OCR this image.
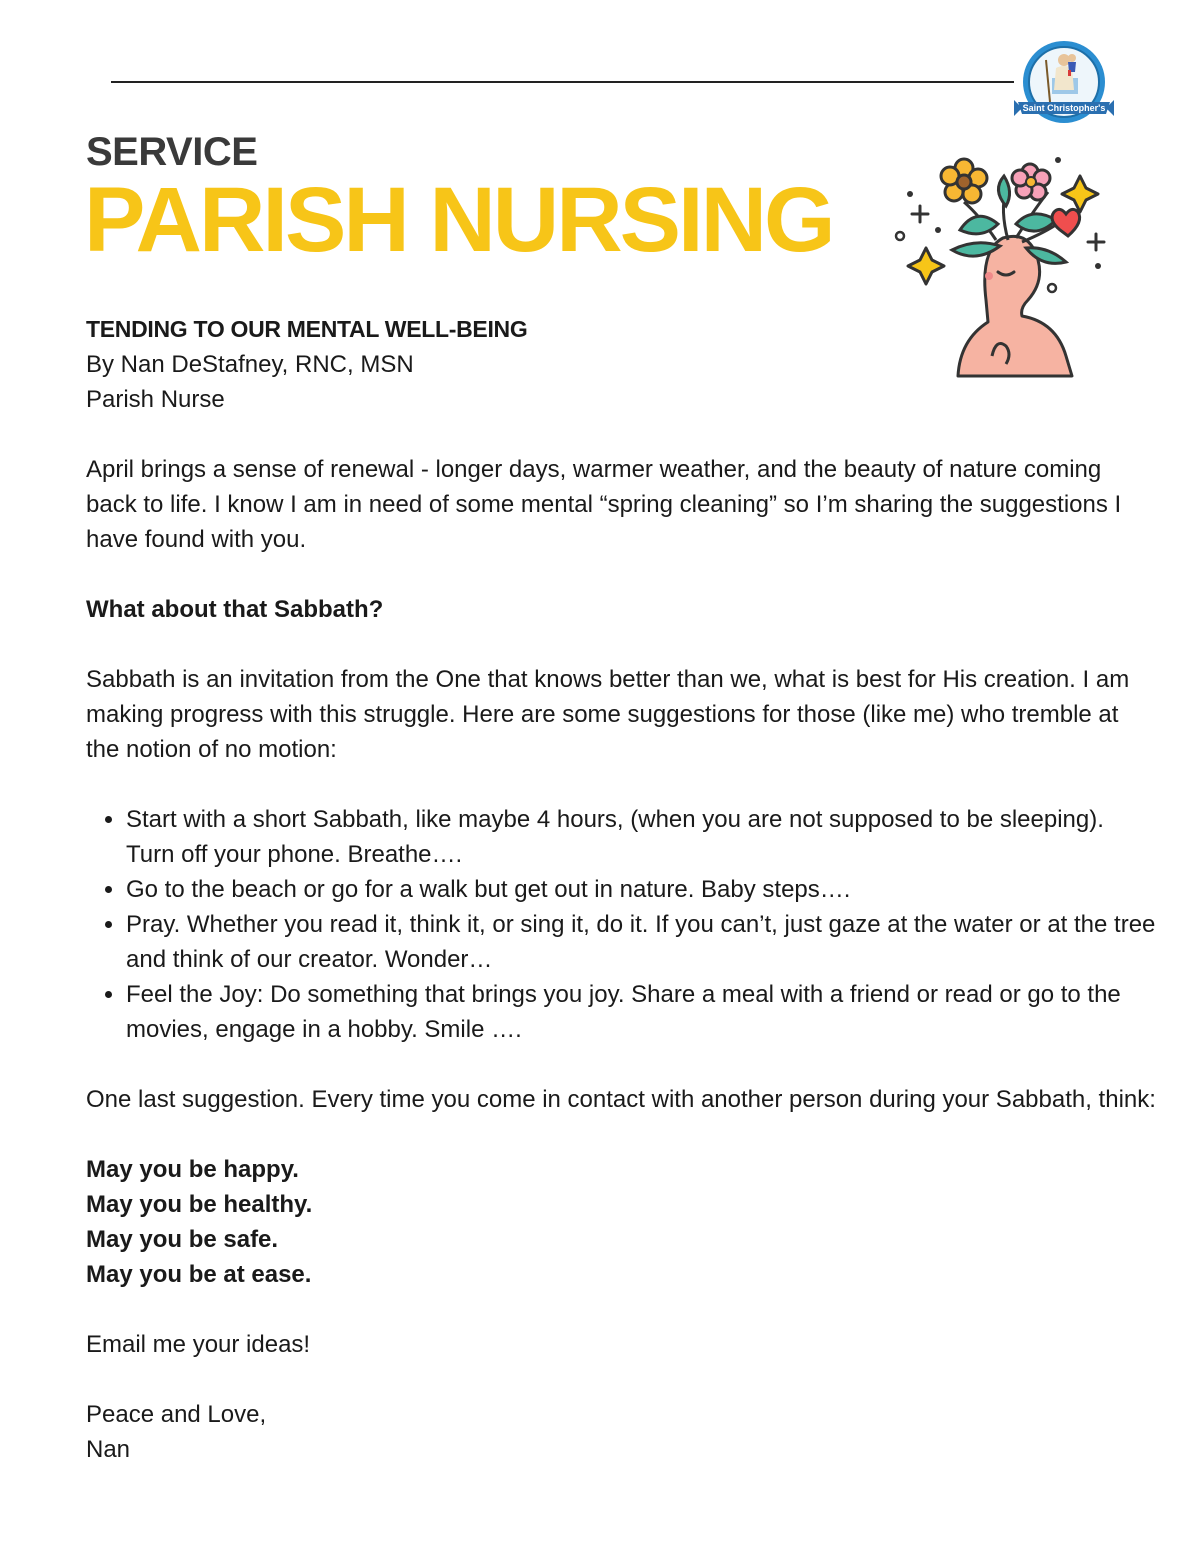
Saint Christopher's
SERVICE
PARISH NURSING

TENDING TO OUR MENTAL WELL-BEING

By Nan DeStafney, RNC, MSN

Parish Nurse

April brings a sense of renewal - longer days, warmer weather, and the beauty of nature coming back to life. I know I am in need of some mental “spring cleaning” so I’m sharing the suggestions I have found with you.

What about that Sabbath?

Sabbath is an invitation from the One that knows better than we, what is best for His creation. I am making progress with this struggle. Here are some suggestions for those (like me) who tremble at the notion of no motion:

• Start with a short Sabbath, like maybe 4 hours, (when you are not supposed to be sleeping). Turn off your phone. Breathe….
• Go to the beach or go for a walk but get out in nature. Baby steps….
• Pray. Whether you read it, think it, or sing it, do it. If you can’t, just gaze at the water or at the tree and think of our creator. Wonder…
• Feel the Joy: Do something that brings you joy. Share a meal with a friend or read or go to the movies, engage in a hobby. Smile ….

One last suggestion. Every time you come in contact with another person during your Sabbath, think:

May you be happy.

May you be healthy.

May you be safe.

May you be at ease.

Email me your ideas!

Peace and Love,

Nan
